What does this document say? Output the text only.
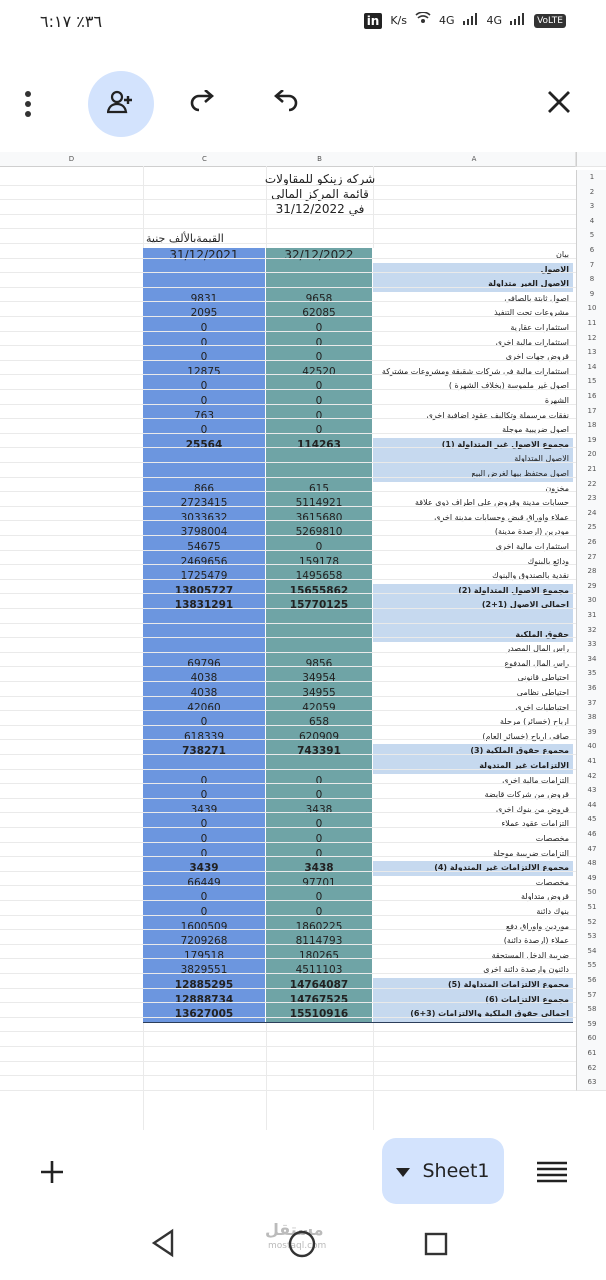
٣٦٪ ٦:١٧	in K/s	4G	4G	VoLTE
D	C	B	A
شركه زينكو للمقاولات
قائمة المركز المالى
في 31/12/2022
القيمةبالألف جنية
31/12/2021	32/12/2022	بيان
الاصول
الاصول الغير متداولة
9831	9658	اصول ثابتة بالصافى
2095	62085	مشروعات تحت التنفيذ
0	0	استثمارات عقارية
0	0	استثمارات مالية اخرى
0	0	قروض جهات اخرى
12875	42520	استثمارات مالية فى شركات شقيقة ومشروعات مشتركة
0	0	اصول غير ملموسة (بخلاف الشهرة )
0	0	الشهرة
763	0	نفقات مرسملة وتكاليف عقود اضافية اخرى
0	0	اصول ضريبية موجلة
25564	114263	مجموع الاصول غير المتداولة (1)
الاصول المتداولة
اصول محتفظ بيها لغرض البيع
866	615	مخزون
2723415	5114921	حسابات مدينة وقروض على اطراف ذوى علاقة
3033632	3615680	عملاء واوراق قبض وحسابات مدينة اخرى
3798004	5269810	مودرين (ارصدة مدينة)
54675	0	استثمارات مالية اخرى
2469656	159178	ودائع بالبنوك
1725479	1495658	نقدية بالصندوق والبنوك
13805727	15655862	مجموع الاصول المتداولة (2)
13831291	15770125	اجمالى الاصول (1+2)
حقوق الملكية
راس المال المصدر
69796	9856	راس المال المدفوع
4038	34954	احتياطى قانونى
4038	34955	احتياطى نظامى
42060	42059	احتياطيات اخرى
0	658	ارباح (خسائر) مرحلة
618339	620909	صافى ارباح (خسائر العام)
738271	743391	مجموع حقوق الملكية (3)
الالتزامات غير المتدولة
0	0	التزامات مالية اخرى
0	0	قروض من شركات قابضة
3439	3438	قروض من بنوك اخرى
0	0	التزامات عقود عملاء
0	0	مخصصات
0	0	التزامات ضريبية موجلة
3439	3438	مجموع الالتزامات غير المتدولة (4)
66449	97701	مخصصات
0	0	قروض متداولة
0	0	بنوك دائنة
1600509	1860225	موردين واوراق دفع
7209268	8114793	عملاء (ارصدة دائنة)
179518	180265	ضريبة الدخل المستحقة
3829551	4511103	دائنون وارصدة دائنة اخرى
12885295	14764087	مجموع الالتزامات المتداولة (5)
12888734	14767525	مجموع الالتزامات (6)
13627005	15510916	اجمالى حقوق الملكية والالتزامات (3+6)
1
2
3
4
5
6
7
8
9
10
11
12
13
14
15
16
17
18
19
20
21
22
23
24
25
26
27
28
29
30
31
32
33
34
35
36
37
38
39
40
41
42
43
44
45
46
47
48
49
50
51
52
53
54
55
56
57
58
59
60
61
62
63
Sheet1
مستقل
mostaql.com
